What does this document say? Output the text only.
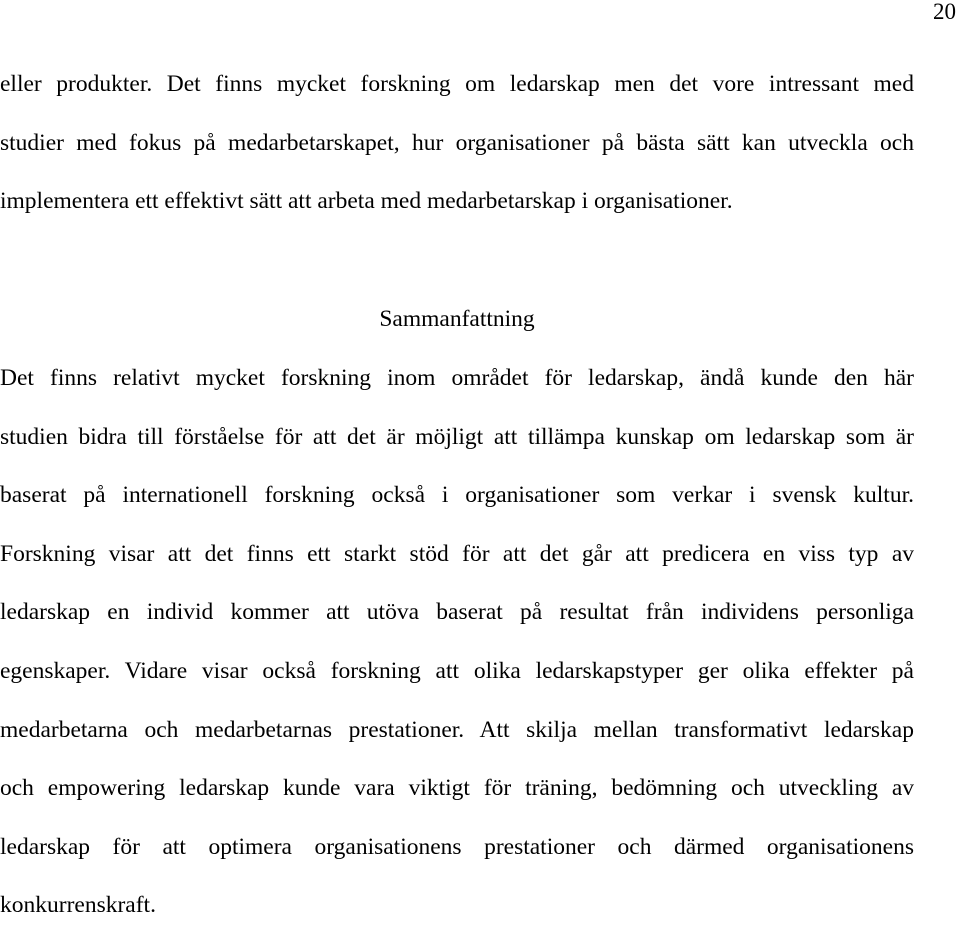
20
eller produkter. Det finns mycket forskning om ledarskap men det vore intressant med
studier med fokus på medarbetarskapet, hur organisationer på bästa sätt kan utveckla och
implementera ett effektivt sätt att arbeta med medarbetarskap i organisationer.
Sammanfattning
Det finns relativt mycket forskning inom området för ledarskap, ändå kunde den här
studien bidra till förståelse för att det är möjligt att tillämpa kunskap om ledarskap som är
baserat på internationell forskning också i organisationer som verkar i svensk kultur.
Forskning visar att det finns ett starkt stöd för att det går att predicera en viss typ av
ledarskap en individ kommer att utöva baserat på resultat från individens personliga
egenskaper. Vidare visar också forskning att olika ledarskapstyper ger olika effekter på
medarbetarna och medarbetarnas prestationer. Att skilja mellan transformativt ledarskap
och empowering ledarskap kunde vara viktigt för träning, bedömning och utveckling av
ledarskap för att optimera organisationens prestationer och därmed organisationens
konkurrenskraft.
